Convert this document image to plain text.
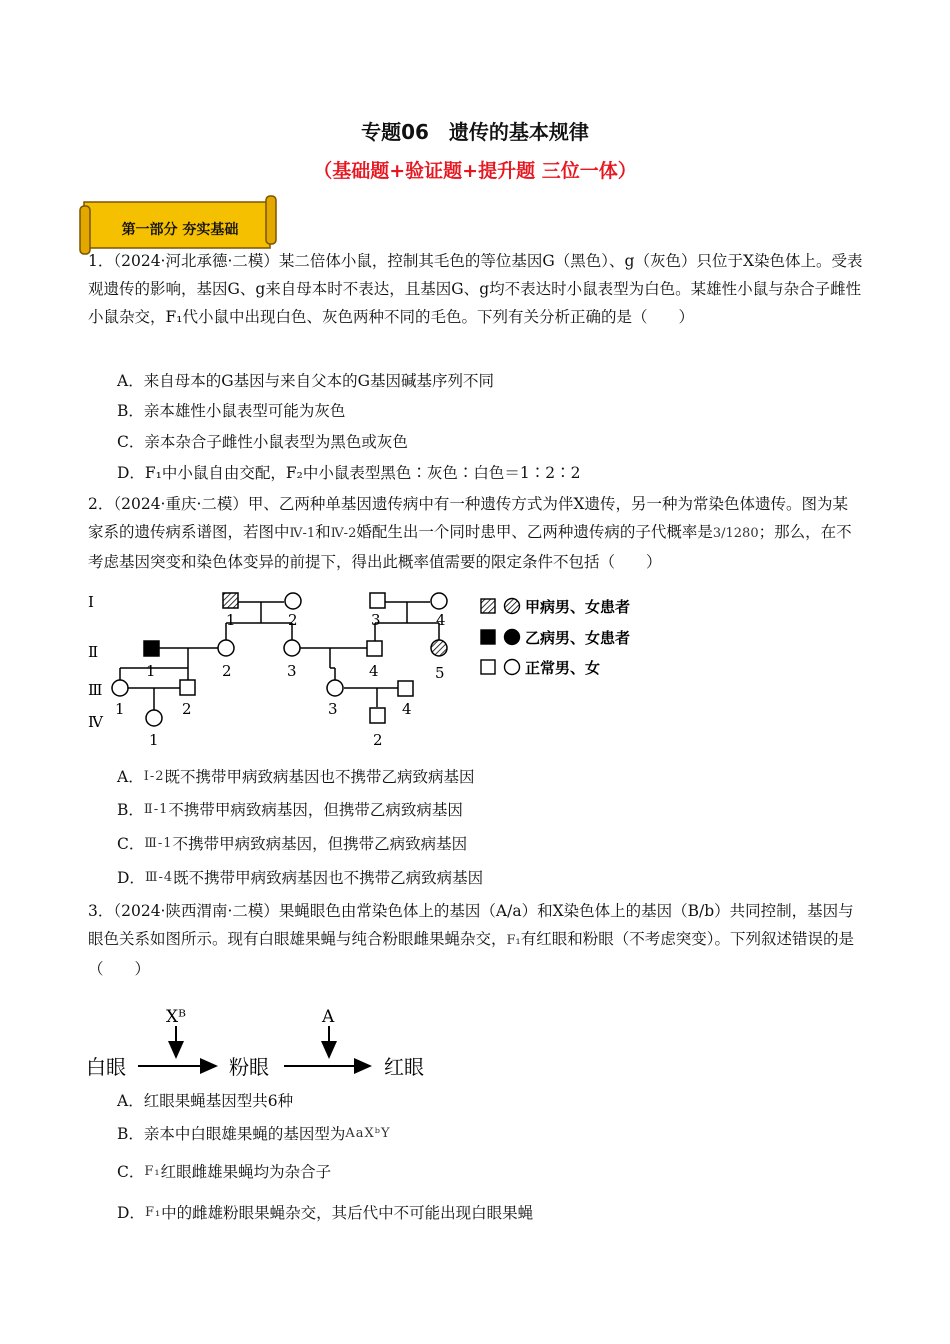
专题06　遗传的基本规律
（基础题+验证题+提升题 三位一体）
第一部分 夯实基础

1．（2024·河北承德·二模）某二倍体小鼠，控制其毛色的等位基因G（黑色）、g（灰色）只位于X染色体上。受表观遗传的影响，基因G、g来自母本时不表达，且基因G、g均不表达时小鼠表型为白色。某雄性小鼠与杂合子雌性小鼠杂交，F₁代小鼠中出现白色、灰色两种不同的毛色。下列有关分析正确的是（　　）

A．来自母本的G基因与来自父本的G基因碱基序列不同
B．亲本雄性小鼠表型可能为灰色
C．亲本杂合子雌性小鼠表型为黑色或灰色
D．F₁中小鼠自由交配，F₂中小鼠表型黑色∶灰色∶白色＝1∶2∶2

2．（2024·重庆·二模）甲、乙两种单基因遗传病中有一种遗传方式为伴X遗传，另一种为常染色体遗传。图为某家系的遗传病系谱图，若图中Ⅳ-1和Ⅳ-2婚配生出一个同时患甲、乙两种遗传病的子代概率是3/1280；那么，在不考虑基因突变和染色体变异的前提下，得出此概率值需要的限定条件不包括（　　）

Ⅰ
Ⅱ
Ⅲ
Ⅳ
1	2	3	4
1	2	3	4	5
1	2	3	4
1	2
甲病男、女患者
乙病男、女患者
正常男、女
A．Ⅰ-2既不携带甲病致病基因也不携带乙病致病基因
B．Ⅱ-1不携带甲病致病基因，但携带乙病致病基因
C．Ⅲ-1不携带甲病致病基因，但携带乙病致病基因
D．Ⅲ-4既不携带甲病致病基因也不携带乙病致病基因

3．（2024·陕西渭南·二模）果蝇眼色由常染色体上的基因（A/a）和X染色体上的基因（B/b）共同控制，基因与眼色关系如图所示。现有白眼雄果蝇与纯合粉眼雌果蝇杂交，F₁有红眼和粉眼（不考虑突变）。下列叙述错误的是（　　）

白眼	粉眼	红眼
Xᴮ	A
A．红眼果蝇基因型共6种
B．亲本中白眼雄果蝇的基因型为AaXᵇY
C．F₁红眼雌雄果蝇均为杂合子
D．F₁中的雌雄粉眼果蝇杂交，其后代中不可能出现白眼果蝇
